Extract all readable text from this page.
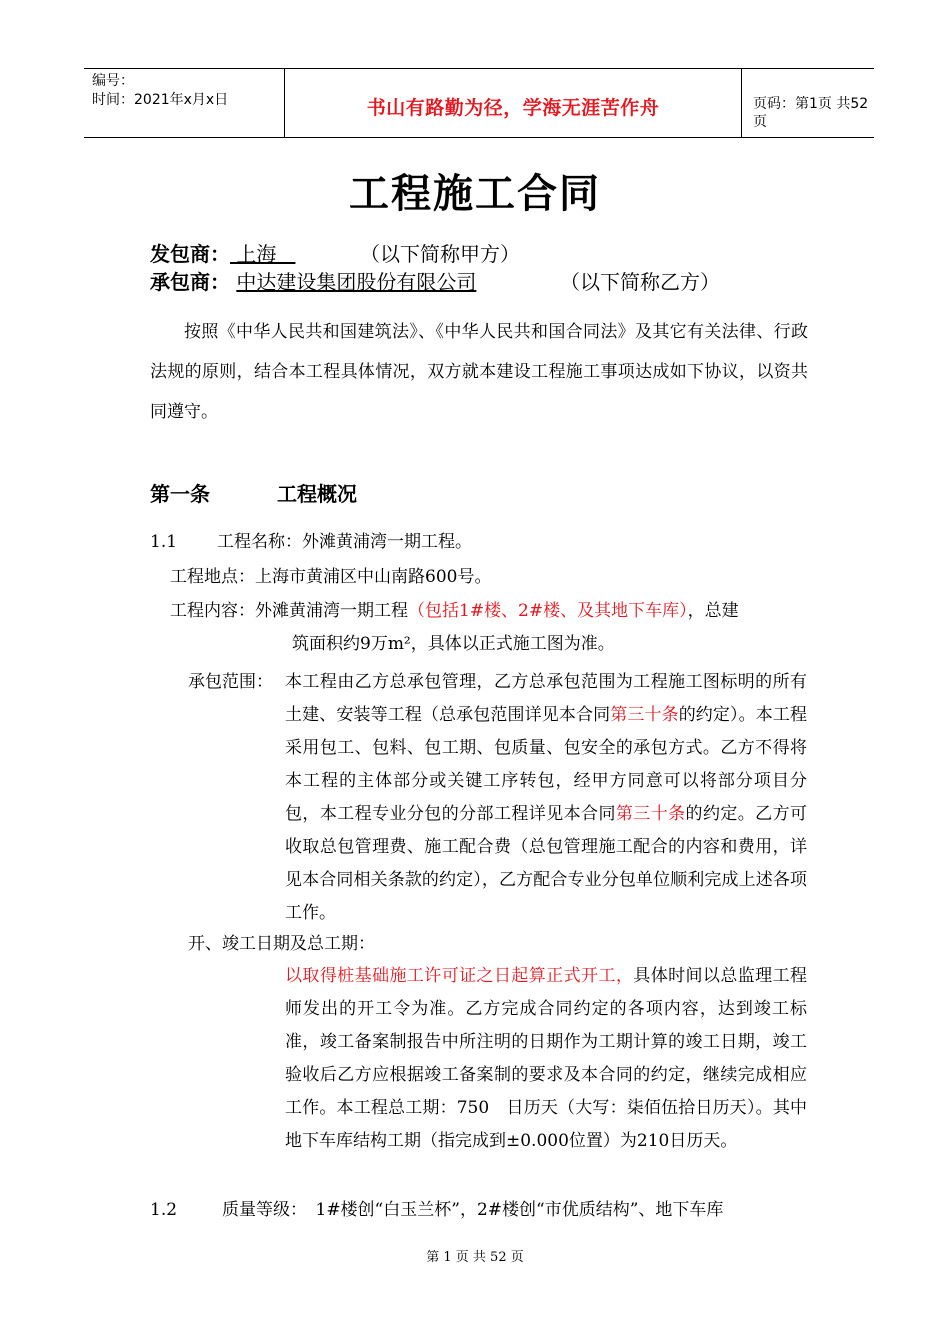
编号：
时间：2021年x月x日	书山有路勤为径，学海无涯苦作舟	页码：第1页 共52页
工程施工合同
发包商： 上海	（以下简称甲方）
承包商： 中达建设集团股份有限公司	（以下简称乙方）
按照《中华人民共和国建筑法》、《中华人民共和国合同法》及其它有关法律、行政法规的原则，结合本工程具体情况，双方就本建设工程施工事项达成如下协议，以资共同遵守。
第一条	工程概况
1.1 工程名称：外滩黄浦湾一期工程。
工程地点：上海市黄浦区中山南路600号。
工程内容：外滩黄浦湾一期工程（包括1#楼、2#楼、及其地下车库），总建
筑面积约9万m²，具体以正式施工图为准。
承包范围： 本工程由乙方总承包管理，乙方总承包范围为工程施工图标明的所有土建、安装等工程（总承包范围详见本合同第三十条的约定）。本工程采用包工、包料、包工期、包质量、包安全的承包方式。乙方不得将本工程的主体部分或关键工序转包，经甲方同意可以将部分项目分包，本工程专业分包的分部工程详见本合同第三十条的约定。乙方可收取总包管理费、施工配合费（总包管理施工配合的内容和费用，详见本合同相关条款的约定），乙方配合专业分包单位顺利完成上述各项工作。
开、竣工日期及总工期：
以取得桩基础施工许可证之日起算正式开工，具体时间以总监理工程师发出的开工令为准。乙方完成合同约定的各项内容，达到竣工标准，竣工备案制报告中所注明的日期作为工期计算的竣工日期，竣工验收后乙方应根据竣工备案制的要求及本合同的约定，继续完成相应工作。本工程总工期：750　日历天（大写：柒佰伍拾日历天）。其中地下车库结构工期（指完成到±0.000位置）为210日历天。
1.2	质量等级：　1#楼创“白玉兰杯”，2#楼创“市优质结构”、地下车库
第 1 页 共 52 页
